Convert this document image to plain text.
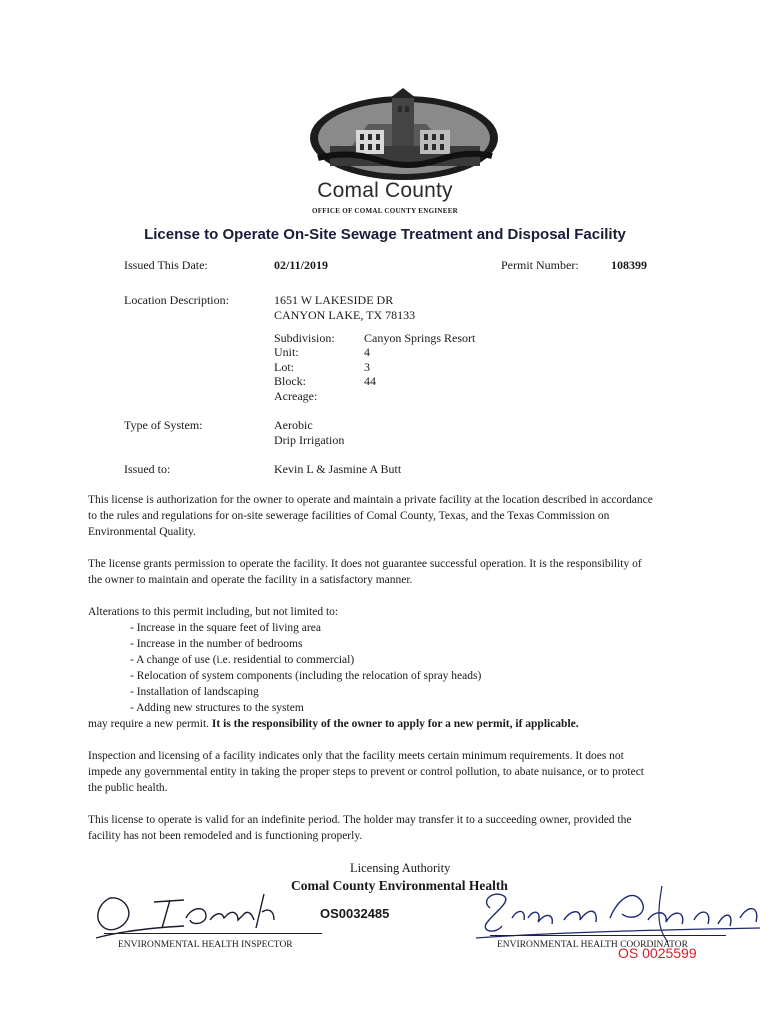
Comal County
OFFICE OF COMAL COUNTY ENGINEER
License to Operate On-Site Sewage Treatment and Disposal Facility
Issued This Date:	02/11/2019	Permit Number:	108399
Location Description:	1651 W LAKESIDE DR
CANYON LAKE, TX 78133
Subdivision: Canyon Springs Resort
Unit:	4
Lot:	3
Block:	44
Acreage:
Type of System:	Aerobic
Drip Irrigation
Issued to:	Kevin L & Jasmine A Butt
This license is authorization for the owner to operate and maintain a private facility at the location described in accordance to the rules and regulations for on-site sewerage facilities of Comal County, Texas, and the Texas Commission on Environmental Quality.
The license grants permission to operate the facility. It does not guarantee successful operation. It is the responsibility of the owner to maintain and operate the facility in a satisfactory manner.
Alterations to this permit including, but not limited to:
- Increase in the square feet of living area
- Increase in the number of bedrooms
- A change of use (i.e. residential to commercial)
- Relocation of system components (including the relocation of spray heads)
- Installation of landscaping
- Adding new structures to the system
may require a new permit. It is the responsibility of the owner to apply for a new permit, if applicable.
Inspection and licensing of a facility indicates only that the facility meets certain minimum requirements. It does not impede any governmental entity in taking the proper steps to prevent or control pollution, to abate nuisance, or to protect the public health.
This license to operate is valid for an indefinite period. The holder may transfer it to a succeeding owner, provided the facility has not been remodeled and is functioning properly.
Licensing Authority
Comal County Environmental Health
ENVIRONMENTAL HEALTH INSPECTOR
OS0032485
ENVIRONMENTAL HEALTH COORDINATOR
OS 0025599
